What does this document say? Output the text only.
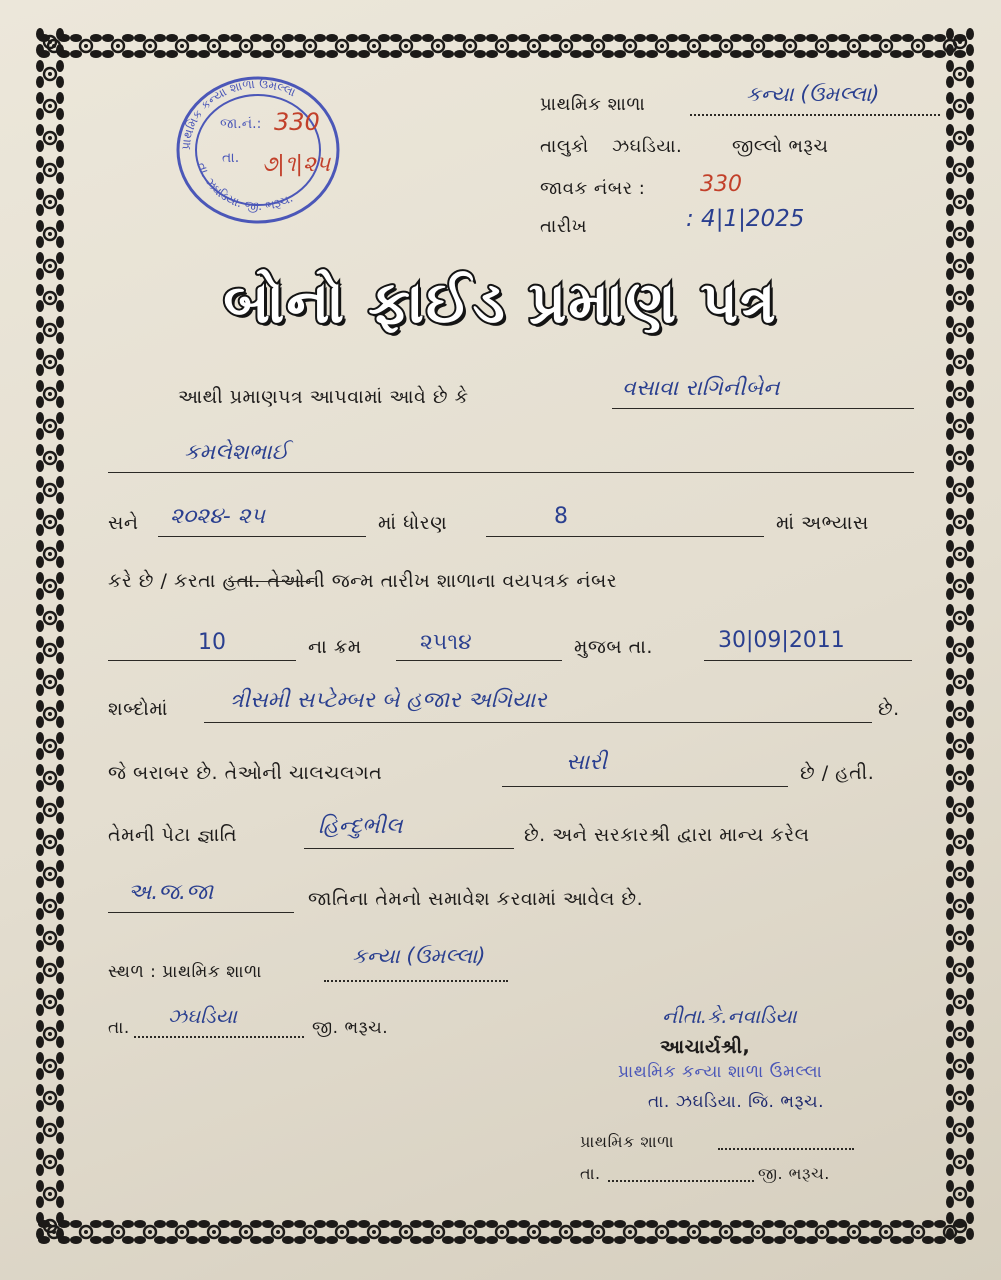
પ્રાથમિક કન્યા શાળા ઉમલ્લા
તા. ઝઘડિયા. જી. ભરૂચ.
જા.નં.: 330
તા. ૭|૧|૨૫
પ્રાથમિક શાળા	કન્યા (ઉમલ્લા)
તાલુકો ઝઘડિયા.	જીલ્લો ભરૂચ
જાવક નંબર : 330
તારીખ	: 4|1|2025
બોનો ફાઈડ પ્રમાણ પત્ર
આથી પ્રમાણપત્ર આપવામાં આવે છે કે	વસાવા રાગિનીબેન
કમલેશભાઈ
સને ૨૦૨૪- ૨૫	માં ધોરણ	8	માં અભ્યાસ
કરે છે / કરતા હતા. તેઓની જન્મ તારીખ શાળાના વયપત્રક નંબર
10	ના ક્રમ	૨૫૧૪	મુજબ તા.	30|09|2011
શબ્દોમાં	ત્રીસમી સપ્ટેમ્બર બે હજાર અગિયાર	છે.
જે બરાબર છે. તેઓની ચાલચલગત	સારી	છે / હતી.
તેમની પેટા જ્ઞાતિ	હિન્દુભીલ	છે. અને સરકારશ્રી દ્વારા માન્ય કરેલ
અ.જ.જા	જાતિના તેમનો સમાવેશ કરવામાં આવેલ છે.
સ્થળ : પ્રાથમિક શાળા
કન્યા (ઉમલ્લા)
તા. ઝઘડિયા	જી. ભરૂચ.	નીતા.કે.નવાડિયા
આચાર્યશ્રી,
પ્રાથમિક કન્યા શાળા ઉમલ્લા
તા. ઝઘડિયા. જિ. ભરૂચ.
પ્રાથમિક શાળા
તા.	જી. ભરૂચ.
